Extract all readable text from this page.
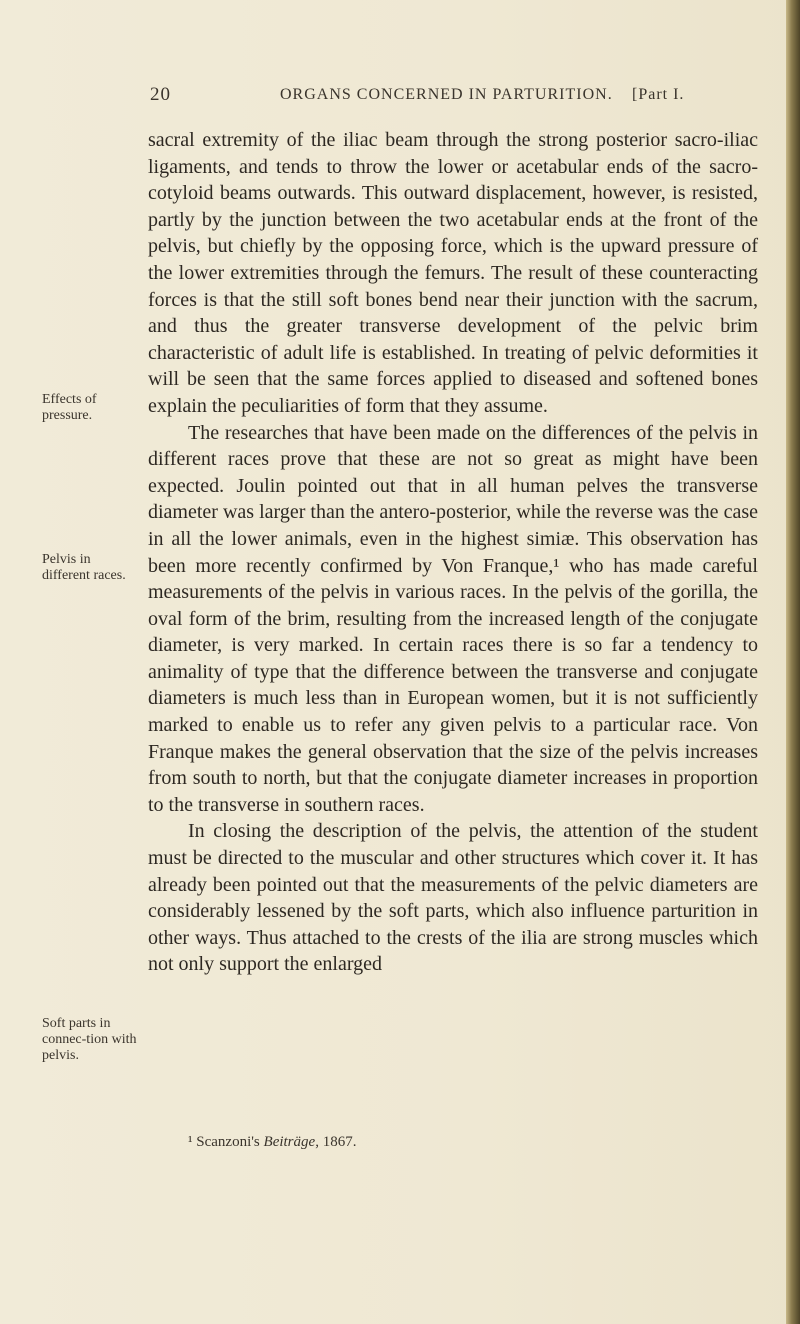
20	ORGANS CONCERNED IN PARTURITION. [Part I.
Effects of pressure.
Pelvis in different races.
Soft parts in connec-tion with pelvis.

sacral extremity of the iliac beam through the strong posterior sacro-iliac ligaments, and tends to throw the lower or acetabular ends of the sacro-cotyloid beams outwards. This outward displacement, however, is resisted, partly by the junction between the two acetabular ends at the front of the pelvis, but chiefly by the opposing force, which is the upward pressure of the lower extremities through the femurs. The result of these counteracting forces is that the still soft bones bend near their junction with the sacrum, and thus the greater transverse development of the pelvic brim characteristic of adult life is established. In treating of pelvic deformities it will be seen that the same forces applied to diseased and softened bones explain the peculiarities of form that they assume.

The researches that have been made on the differences of the pelvis in different races prove that these are not so great as might have been expected. Joulin pointed out that in all human pelves the transverse diameter was larger than the antero-posterior, while the reverse was the case in all the lower animals, even in the highest simiæ. This observation has been more recently confirmed by Von Franque,¹ who has made careful measurements of the pelvis in various races. In the pelvis of the gorilla, the oval form of the brim, resulting from the increased length of the conjugate diameter, is very marked. In certain races there is so far a tendency to animality of type that the difference between the transverse and conjugate diameters is much less than in European women, but it is not sufficiently marked to enable us to refer any given pelvis to a particular race. Von Franque makes the general observation that the size of the pelvis increases from south to north, but that the conjugate diameter increases in proportion to the transverse in southern races.

In closing the description of the pelvis, the attention of the student must be directed to the muscular and other structures which cover it. It has already been pointed out that the measurements of the pelvic diameters are considerably lessened by the soft parts, which also influence parturition in other ways. Thus attached to the crests of the ilia are strong muscles which not only support the enlarged

¹ Scanzoni's Beiträge, 1867.
